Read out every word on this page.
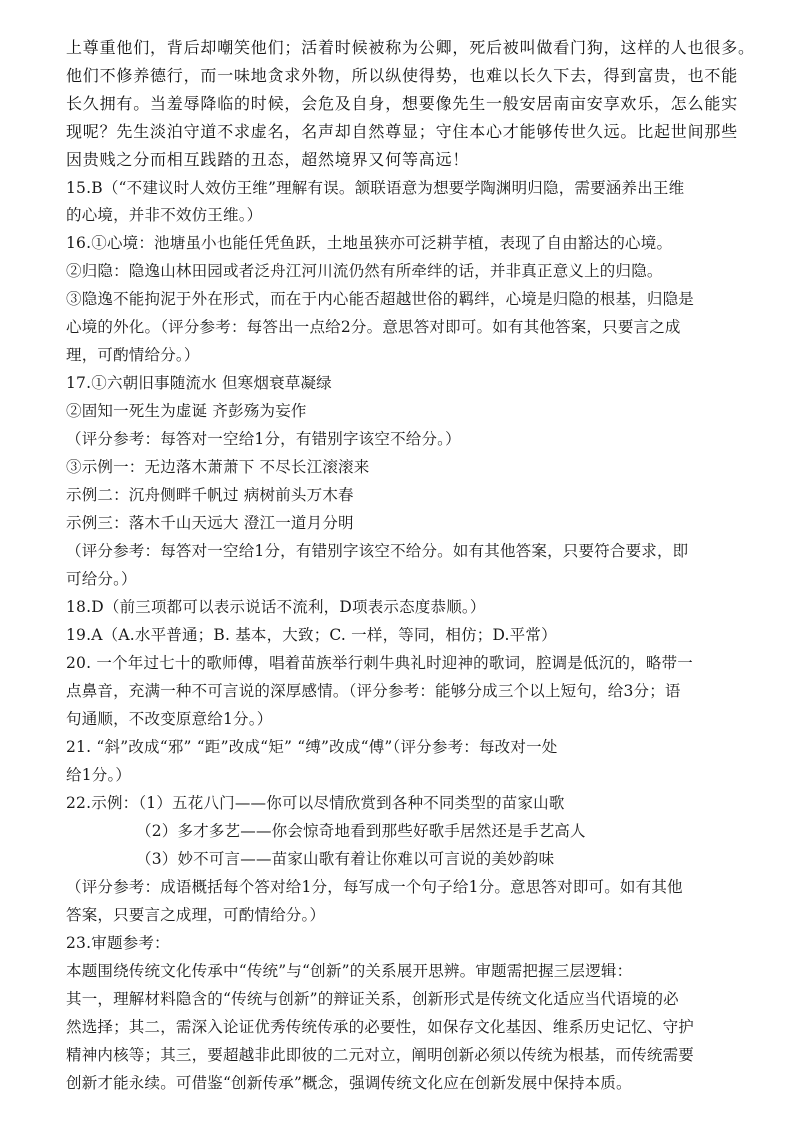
上尊重他们，背后却嘲笑他们；活着时候被称为公卿，死后被叫做看门狗，这样的人也很多。
他们不修养德行，而一味地贪求外物，所以纵使得势，也难以长久下去，得到富贵，也不能
长久拥有。当羞辱降临的时候，会危及自身，想要像先生一般安居南亩安享欢乐，怎么能实
现呢？先生淡泊守道不求虚名，名声却自然尊显；守住本心才能够传世久远。比起世间那些
因贵贱之分而相互践踏的丑态，超然境界又何等高远！
15.B（“不建议时人效仿王维”理解有误。颔联语意为想要学陶渊明归隐，需要涵养出王维
的心境，并非不效仿王维。）
16.①心境：池塘虽小也能任凭鱼跃，土地虽狭亦可泛耕芋植，表现了自由豁达的心境。
②归隐：隐逸山林田园或者泛舟江河川流仍然有所牵绊的话，并非真正意义上的归隐。
③隐逸不能拘泥于外在形式，而在于内心能否超越世俗的羁绊，心境是归隐的根基，归隐是
心境的外化。（评分参考：每答出一点给2分。意思答对即可。如有其他答案，只要言之成
理，可酌情给分。）
17.①六朝旧事随流水 但寒烟衰草凝绿
②固知一死生为虚诞 齐彭殇为妄作
（评分参考：每答对一空给1分，有错别字该空不给分。）
③示例一：无边落木萧萧下 不尽长江滚滚来
示例二：沉舟侧畔千帆过 病树前头万木春
示例三：落木千山天远大 澄江一道月分明
（评分参考：每答对一空给1分，有错别字该空不给分。如有其他答案，只要符合要求，即
可给分。）
18.D（前三项都可以表示说话不流利，D项表示态度恭顺。）
19.A（A.水平普通；B. 基本，大致；C. 一样，等同，相仿；D.平常）
20. 一个年过七十的歌师傅，唱着苗族举行刺牛典礼时迎神的歌词，腔调是低沉的，略带一
点鼻音，充满一种不可言说的深厚感情。（评分参考：能够分成三个以上短句，给3分；语
句通顺，不改变原意给1分。）
21. “斜”改成“邪” “距”改成“矩” “缚”改成“傅”（评分参考：每改对一处
给1分。）
22.示例：（1）五花八门——你可以尽情欣赏到各种不同类型的苗家山歌
（2）多才多艺——你会惊奇地看到那些好歌手居然还是手艺高人
（3）妙不可言——苗家山歌有着让你难以可言说的美妙韵味
（评分参考：成语概括每个答对给1分，每写成一个句子给1分。意思答对即可。如有其他
答案，只要言之成理，可酌情给分。）
23.审题参考：
本题围绕传统文化传承中“传统”与“创新”的关系展开思辨。审题需把握三层逻辑：
其一，理解材料隐含的“传统与创新”的辩证关系，创新形式是传统文化适应当代语境的必
然选择；其二，需深入论证优秀传统传承的必要性，如保存文化基因、维系历史记忆、守护
精神内核等；其三，要超越非此即彼的二元对立，阐明创新必须以传统为根基，而传统需要
创新才能永续。可借鉴“创新传承”概念，强调传统文化应在创新发展中保持本质。
